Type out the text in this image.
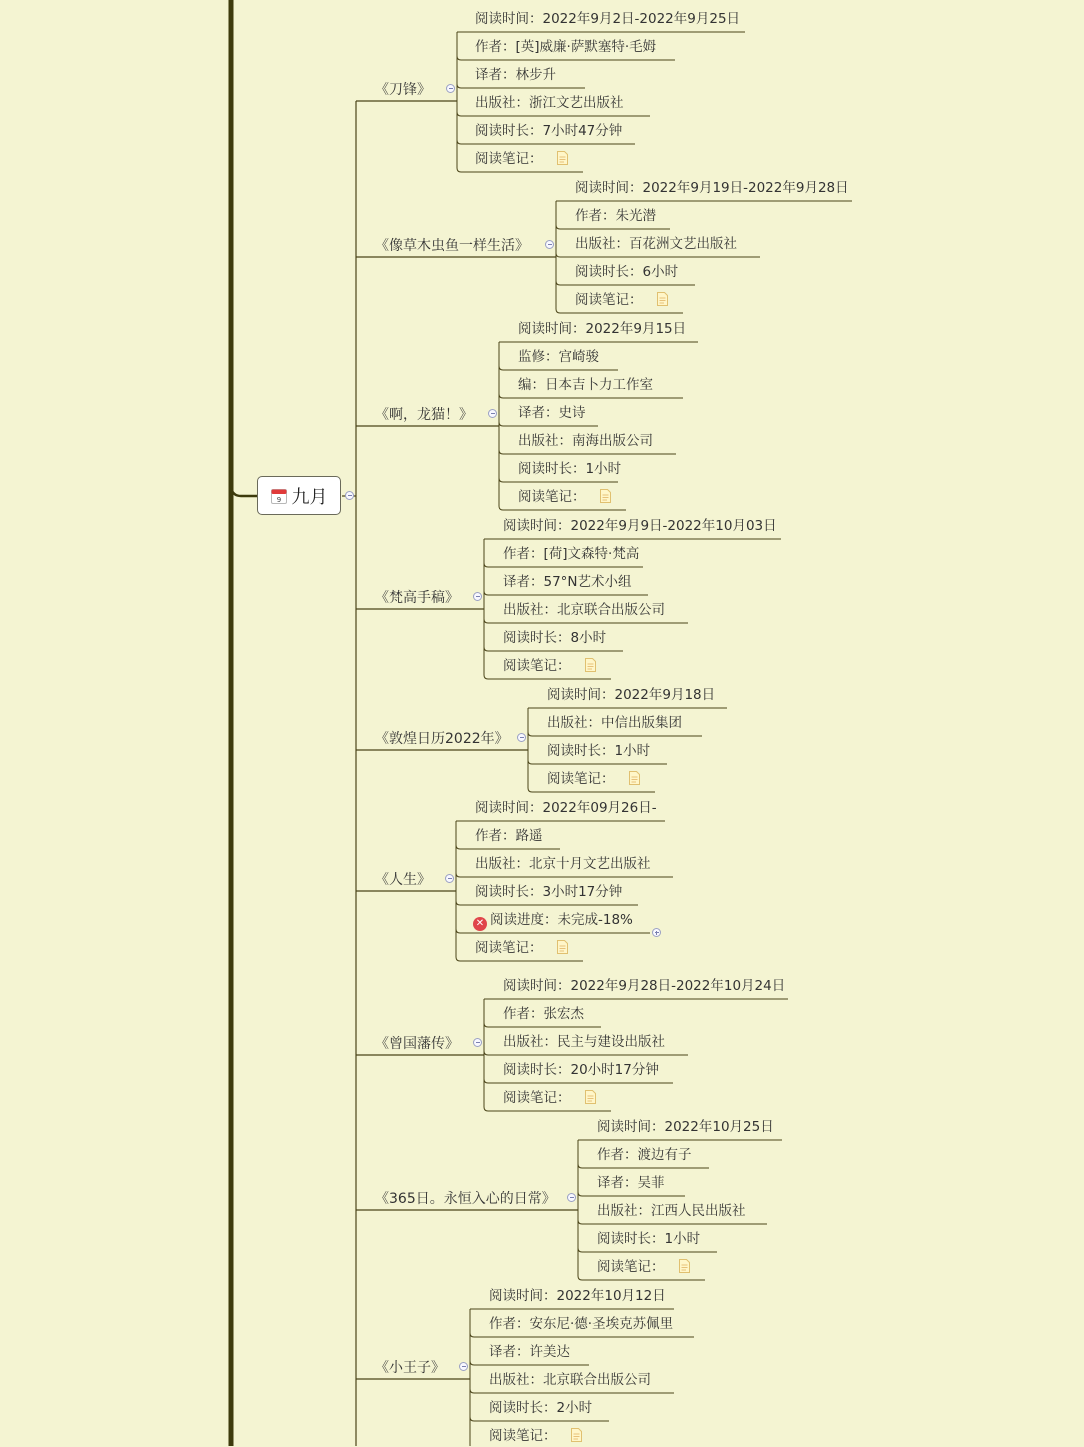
9 九月
《刀锋》
阅读时间：2022年9月2日-2022年9月25日
作者：[英]威廉·萨默塞特·毛姆
译者：林步升
出版社：浙江文艺出版社
阅读时长：7小时47分钟
阅读笔记：
《像草木虫鱼一样生活》
阅读时间：2022年9月19日-2022年9月28日
作者：朱光潜
出版社：百花洲文艺出版社
阅读时长：6小时
阅读笔记：
《啊，龙猫！》
阅读时间：2022年9月15日
监修：宫崎骏
编：日本吉卜力工作室
译者：史诗
出版社：南海出版公司
阅读时长：1小时
阅读笔记：
《梵高手稿》
阅读时间：2022年9月9日-2022年10月03日
作者：[荷]文森特·梵高
译者：57°N艺术小组
出版社：北京联合出版公司
阅读时长：8小时
阅读笔记：
《敦煌日历2022年》
阅读时间：2022年9月18日
出版社：中信出版集团
阅读时长：1小时
阅读笔记：
《人生》
阅读时间：2022年09月26日-
作者：路遥
出版社：北京十月文艺出版社
阅读时长：3小时17分钟
✕ 阅读进度：未完成-18%
阅读笔记：
《曾国藩传》
阅读时间：2022年9月28日-2022年10月24日
作者：张宏杰
出版社：民主与建设出版社
阅读时长：20小时17分钟
阅读笔记：
《365日。永恒入心的日常》
阅读时间：2022年10月25日
作者：渡边有子
译者：吴菲
出版社：江西人民出版社
阅读时长：1小时
阅读笔记：
《小王子》
阅读时间：2022年10月12日
作者：安东尼·德·圣埃克苏佩里
译者：许美达
出版社：北京联合出版公司
阅读时长：2小时
阅读笔记：
